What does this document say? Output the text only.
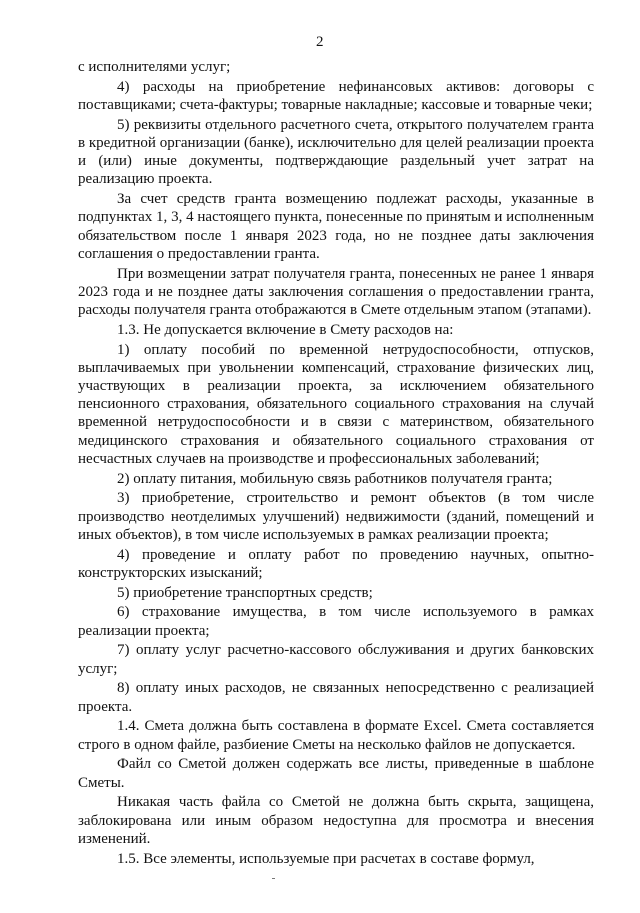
2

с исполнителями услуг;

4) расходы на приобретение нефинансовых активов: договоры с поставщиками; счета-фактуры; товарные накладные; кассовые и товарные чеки;

5) реквизиты отдельного расчетного счета, открытого получателем гранта в кредитной организации (банке), исключительно для целей реализации проекта и (или) иные документы, подтверждающие раздельный учет затрат на реализацию проекта.

За счет средств гранта возмещению подлежат расходы, указанные в подпунктах 1, 3, 4 настоящего пункта, понесенные по принятым и исполненным обязательством после 1 января 2023 года, но не позднее даты заключения соглашения о предоставлении гранта.

При возмещении затрат получателя гранта, понесенных не ранее 1 января 2023 года и не позднее даты заключения соглашения о предоставлении гранта, расходы получателя гранта отображаются в Смете отдельным этапом (этапами).

1.3. Не допускается включение в Смету расходов на:

1) оплату пособий по временной нетрудоспособности, отпусков, выплачиваемых при увольнении компенсаций, страхование физических лиц, участвующих в реализации проекта, за исключением обязательного пенсионного страхования, обязательного социального страхования на случай временной нетрудоспособности и в связи с материнством, обязательного медицинского страхования и обязательного социального страхования от несчастных случаев на производстве и профессиональных заболеваний;

2) оплату питания, мобильную связь работников получателя гранта;

3) приобретение, строительство и ремонт объектов (в том числе производство неотделимых улучшений) недвижимости (зданий, помещений и иных объектов), в том числе используемых в рамках реализации проекта;

4) проведение и оплату работ по проведению научных, опытно-конструкторских изысканий;

5) приобретение транспортных средств;

6) страхование имущества, в том числе используемого в рамках реализации проекта;

7) оплату услуг расчетно-кассового обслуживания и других банковских услуг;

8) оплату иных расходов, не связанных непосредственно с реализацией проекта.

1.4. Смета должна быть составлена в формате Excel. Смета составляется строго в одном файле, разбиение Сметы на несколько файлов не допускается.

Файл со Сметой должен содержать все листы, приведенные в шаблоне Сметы.

Никакая часть файла со Сметой не должна быть скрыта, защищена, заблокирована или иным образом недоступна для просмотра и внесения изменений.

1.5. Все элементы, используемые при расчетах в составе формул,
